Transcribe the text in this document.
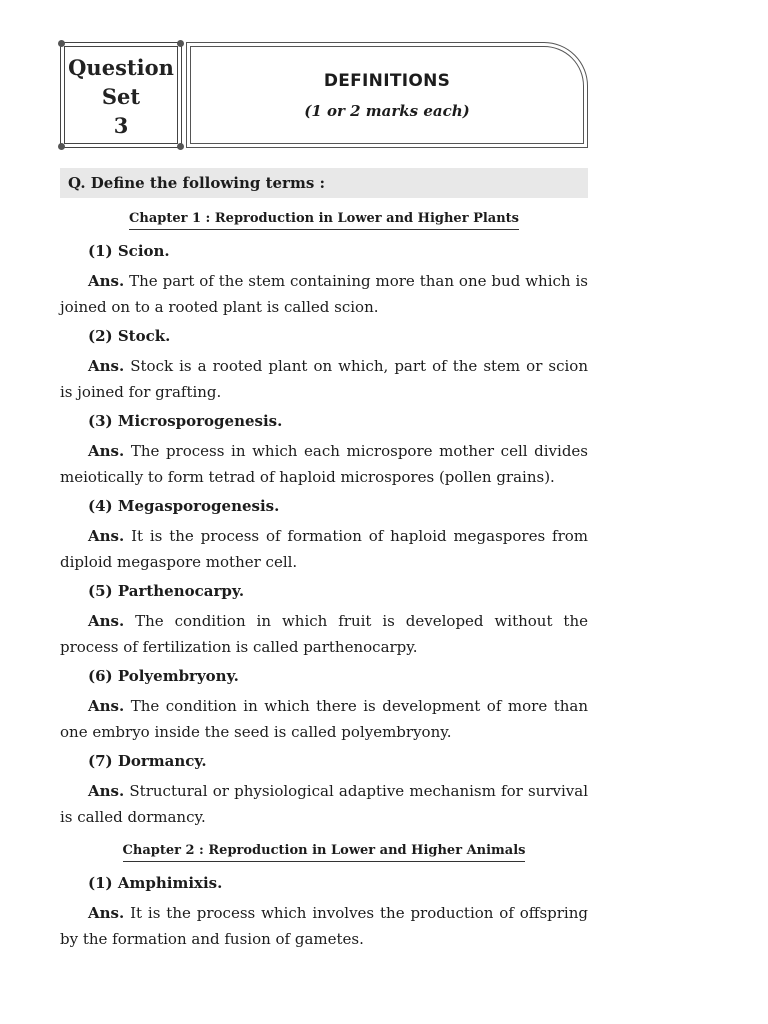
Question
Set
3
DEFINITIONS
(1 or 2 marks each)
Q. Define the following terms :
Chapter 1 : Reproduction in Lower and Higher Plants
(1) Scion.

Ans. The part of the stem containing more than one bud which is joined on to a rooted plant is called scion.

(2) Stock.

Ans. Stock is a rooted plant on which, part of the stem or scion is joined for grafting.

(3) Microsporogenesis.

Ans. The process in which each microspore mother cell divides meiotically to form tetrad of haploid microspores (pollen grains).

(4) Megasporogenesis.

Ans. It is the process of formation of haploid megaspores from diploid megaspore mother cell.

(5) Parthenocarpy.

Ans. The condition in which fruit is developed without the process of fertilization is called parthenocarpy.

(6) Polyembryony.

Ans. The condition in which there is development of more than one embryo inside the seed is called polyembryony.

(7) Dormancy.

Ans. Structural or physiological adaptive mechanism for survival is called dormancy.

Chapter 2 : Reproduction in Lower and Higher Animals
(1) Amphimixis.

Ans. It is the process which involves the production of offspring by the formation and fusion of gametes.
